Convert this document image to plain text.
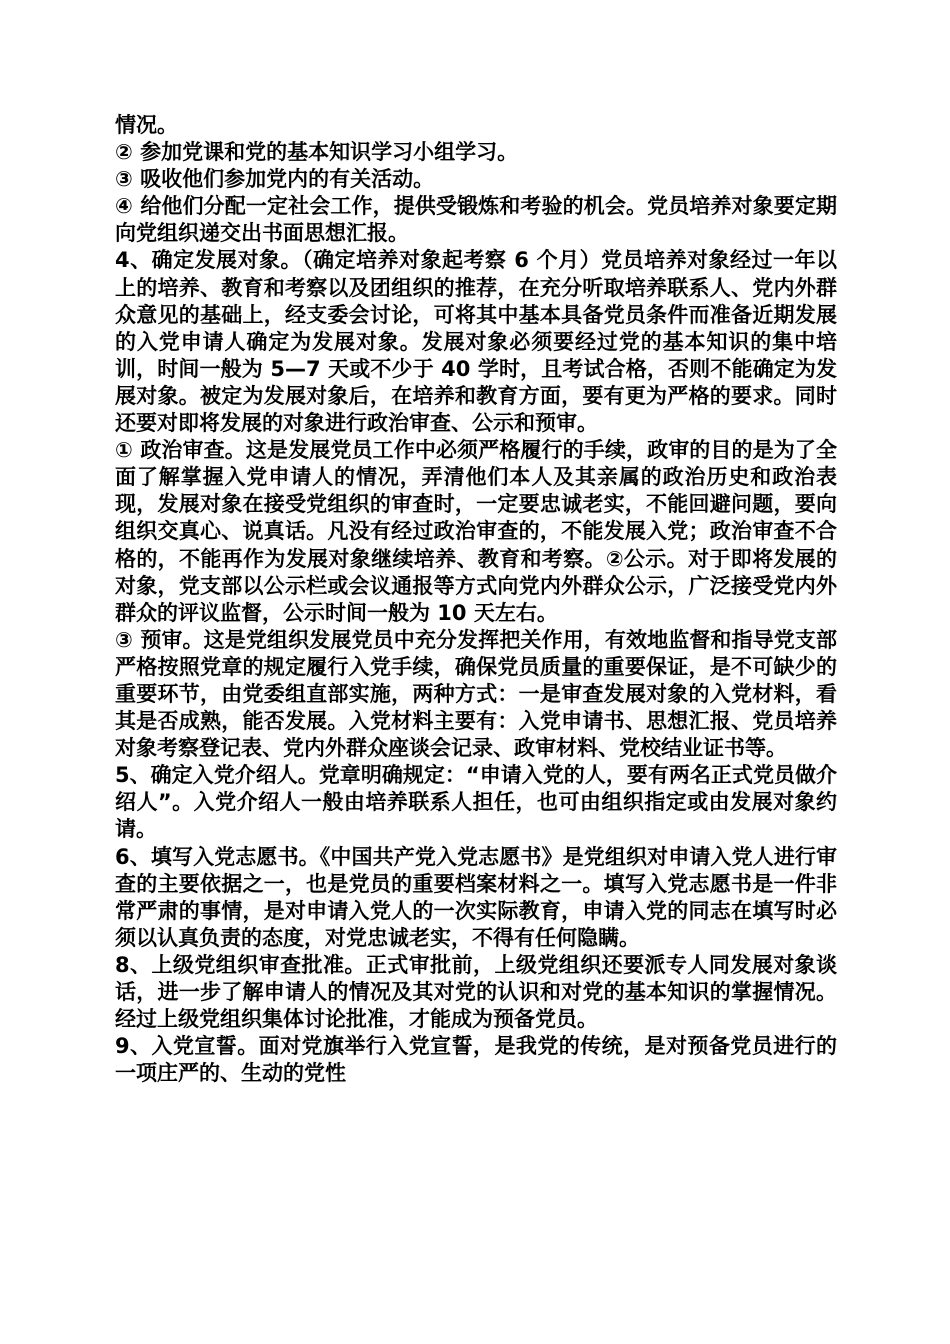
情况。

② 参加党课和党的基本知识学习小组学习。

③ 吸收他们参加党内的有关活动。

④ 给他们分配一定社会工作，提供受锻炼和考验的机会。党员培养对象要定期向党组织递交出书面思想汇报。

4、确定发展对象。（确定培养对象起考察 6 个月）党员培养对象经过一年以上的培养、教育和考察以及团组织的推荐，在充分听取培养联系人、党内外群众意见的基础上，经支委会讨论，可将其中基本具备党员条件而准备近期发展的入党申请人确定为发展对象。发展对象必须要经过党的基本知识的集中培训，时间一般为 5—7 天或不少于 40 学时，且考试合格，否则不能确定为发展对象。被定为发展对象后，在培养和教育方面，要有更为严格的要求。同时还要对即将发展的对象进行政治审查、公示和预审。

① 政治审查。这是发展党员工作中必须严格履行的手续，政审的目的是为了全面了解掌握入党申请人的情况，弄清他们本人及其亲属的政治历史和政治表现，发展对象在接受党组织的审查时，一定要忠诚老实，不能回避问题，要向组织交真心、说真话。凡没有经过政治审查的，不能发展入党；政治审查不合格的，不能再作为发展对象继续培养、教育和考察。②公示。对于即将发展的对象，党支部以公示栏或会议通报等方式向党内外群众公示，广泛接受党内外群众的评议监督，公示时间一般为 10 天左右。

③ 预审。这是党组织发展党员中充分发挥把关作用，有效地监督和指导党支部严格按照党章的规定履行入党手续，确保党员质量的重要保证，是不可缺少的重要环节，由党委组直部实施，两种方式：一是审查发展对象的入党材料，看其是否成熟，能否发展。入党材料主要有：入党申请书、思想汇报、党员培养对象考察登记表、党内外群众座谈会记录、政审材料、党校结业证书等。

5、确定入党介绍人。党章明确规定：“申请入党的人，要有两名正式党员做介绍人”。入党介绍人一般由培养联系人担任，也可由组织指定或由发展对象约请。

6、填写入党志愿书。《中国共产党入党志愿书》是党组织对申请入党人进行审查的主要依据之一，也是党员的重要档案材料之一。填写入党志愿书是一件非常严肃的事情，是对申请入党人的一次实际教育，申请入党的同志在填写时必须以认真负责的态度，对党忠诚老实，不得有任何隐瞒。

8、上级党组织审查批准。正式审批前，上级党组织还要派专人同发展对象谈话，进一步了解申请人的情况及其对党的认识和对党的基本知识的掌握情况。经过上级党组织集体讨论批准，才能成为预备党员。

9、入党宣誓。面对党旗举行入党宣誓，是我党的传统，是对预备党员进行的一项庄严的、生动的党性
